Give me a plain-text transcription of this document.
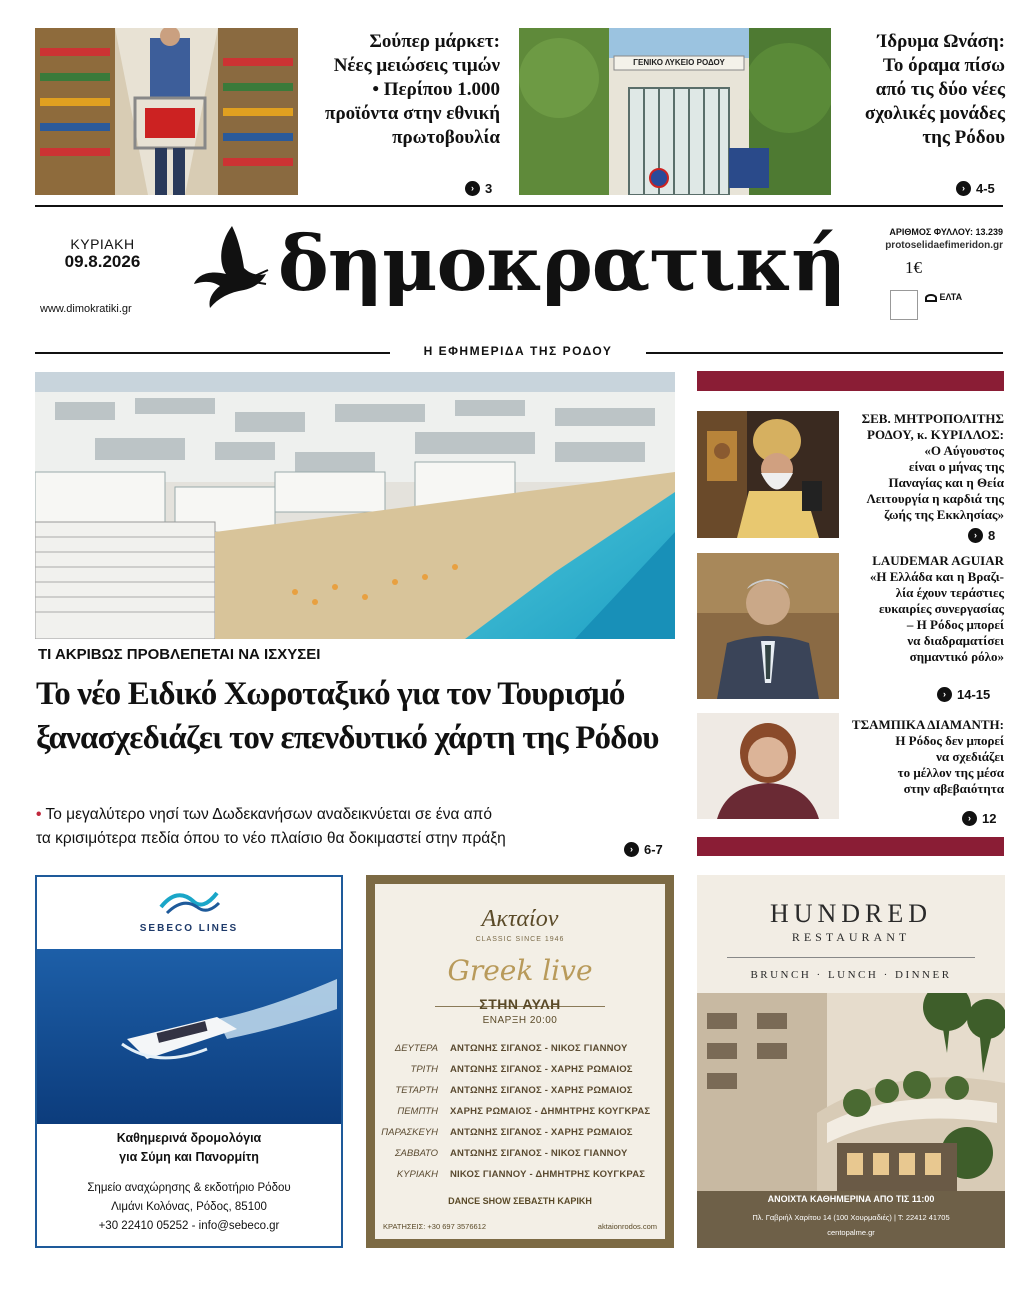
Σούπερ μάρκετ:
Νέες μειώσεις τιμών
• Περίπου 1.000
προϊόντα στην εθνική
πρωτοβουλία
› 3
ΓΕΝΙΚΟ ΛΥΚΕΙΟ ΡΟΔΟΥ
Ίδρυμα Ωνάση:
Το όραμα πίσω
από τις δύο νέες
σχολικές μονάδες
της Ρόδου
› 4-5
ΚΥΡΙΑΚΗ
09.8.2026
www.dimokratiki.gr
δημοκρατική	ΑΡΙΘΜΟΣ ΦΥΛΛΟΥ: 13.239
protoselidaefimeridon.gr
1€
ΕΛΤΑ
Η ΕΦΗΜΕΡΙΔΑ ΤΗΣ ΡΟΔΟΥ
ΤΙ ΑΚΡΙΒΩΣ ΠΡΟΒΛΕΠΕΤΑΙ ΝΑ ΙΣΧΥΣΕΙ
Το νέο Ειδικό Χωροταξικό για τον Τουρισμό
ξανασχεδιάζει τον επενδυτικό χάρτη της Ρόδου
• Το μεγαλύτερο νησί των Δωδεκανήσων αναδεικνύεται σε ένα από
τα κρισιμότερα πεδία όπου το νέο πλαίσιο θα δοκιμαστεί στην πράξη
› 6-7
ΣΕΒ. ΜΗΤΡΟΠΟΛΙΤΗΣ
ΡΟΔΟΥ, κ. ΚΥΡΙΛΛΟΣ:
«Ο Αύγουστος
είναι ο μήνας της
Παναγίας και η Θεία
Λειτουργία η καρδιά της
ζωής της Εκκλησίας»
› 8
LAUDEMAR AGUIAR
«Η Ελλάδα και η Βραζι-
λία έχουν τεράστιες
ευκαιρίες συνεργασίας
– Η Ρόδος μπορεί
να διαδραματίσει
σημαντικό ρόλο»
› 14-15
ΤΣΑΜΠΙΚΑ ΔΙΑΜΑΝΤΗ:
Η Ρόδος δεν μπορεί
να σχεδιάζει
το μέλλον της μέσα
στην αβεβαιότητα
› 12
SEBECO LINES
Καθημερινά δρομολόγια
για Σύμη και Πανορμίτη
Σημείο αναχώρησης & εκδοτήριο Ρόδου
Λιμάνι Κολόνας, Ρόδος, 85100
+30 22410 05252 - info@sebeco.gr
Ακταίον
CLASSIC SINCE 1946
Greek live
ΣΤΗΝ ΑΥΛΗ
ΕΝΑΡΞΗ 20:00
ΔΕΥΤΕΡΑ	ΑΝΤΩΝΗΣ ΣΙΓΑΝΟΣ - ΝΙΚΟΣ ΓΙΑΝΝΟΥ
ΤΡΙΤΗ	ΑΝΤΩΝΗΣ ΣΙΓΑΝΟΣ - ΧΑΡΗΣ ΡΩΜΑΙΟΣ
ΤΕΤΑΡΤΗ	ΑΝΤΩΝΗΣ ΣΙΓΑΝΟΣ - ΧΑΡΗΣ ΡΩΜΑΙΟΣ
ΠΕΜΠΤΗ	ΧΑΡΗΣ ΡΩΜΑΙΟΣ - ΔΗΜΗΤΡΗΣ ΚΟΥΓΚΡΑΣ
ΠΑΡΑΣΚΕΥΗ	ΑΝΤΩΝΗΣ ΣΙΓΑΝΟΣ - ΧΑΡΗΣ ΡΩΜΑΙΟΣ
ΣΑΒΒΑΤΟ	ΑΝΤΩΝΗΣ ΣΙΓΑΝΟΣ - ΝΙΚΟΣ ΓΙΑΝΝΟΥ
ΚΥΡΙΑΚΗ	ΝΙΚΟΣ ΓΙΑΝΝΟΥ - ΔΗΜΗΤΡΗΣ ΚΟΥΓΚΡΑΣ
DANCE SHOW ΣΕΒΑΣΤΗ ΚΑΡΙΚΗ
ΚΡΑΤΗΣΕΙΣ: +30 697 3576612	aktaionrodos.com
HUNDRED
RESTAURANT
BRUNCH · LUNCH · DINNER
ΑΝΟΙΧΤΑ ΚΑΘΗΜΕΡΙΝΑ ΑΠΟ ΤΙΣ 11:00
Πλ. Γαβριήλ Χαρίτου 14 (100 Χουρμαδιές) | Τ: 22412 41705
centopalme.gr
